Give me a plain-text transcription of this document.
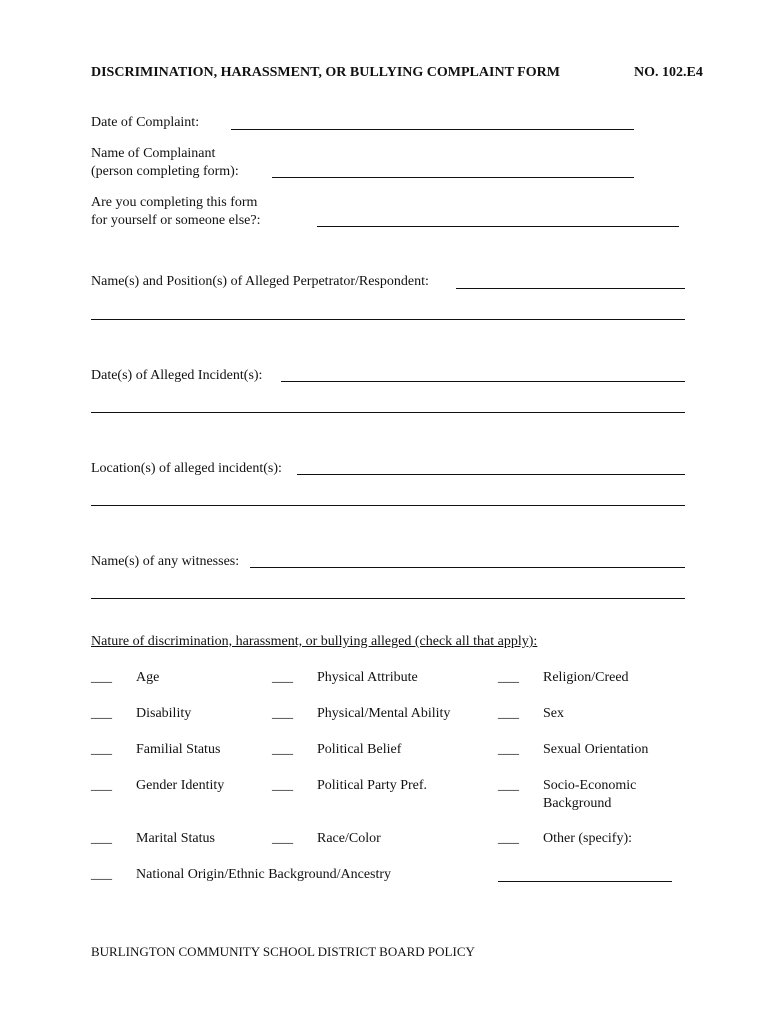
DISCRIMINATION, HARASSMENT, OR BULLYING COMPLAINT FORM	NO. 102.E4
Date of Complaint:
Name of Complainant
(person completing form):
Are you completing this form
for yourself or someone else?:
Name(s) and Position(s) of Alleged Perpetrator/Respondent:
Date(s) of Alleged Incident(s):
Location(s) of alleged incident(s):
Name(s) of any witnesses:
Nature of discrimination, harassment, or bullying alleged (check all that apply):
___ Age	___ Physical Attribute	___ Religion/Creed
___ Disability	___ Physical/Mental Ability	___ Sex
___ Familial Status	___ Political Belief	___ Sexual Orientation
___ Gender Identity	___ Political Party Pref.	___ Socio-Economic
Background
___ Marital Status	___ Race/Color	___ Other (specify):
___ National Origin/Ethnic Background/Ancestry
BURLINGTON COMMUNITY SCHOOL DISTRICT BOARD POLICY
